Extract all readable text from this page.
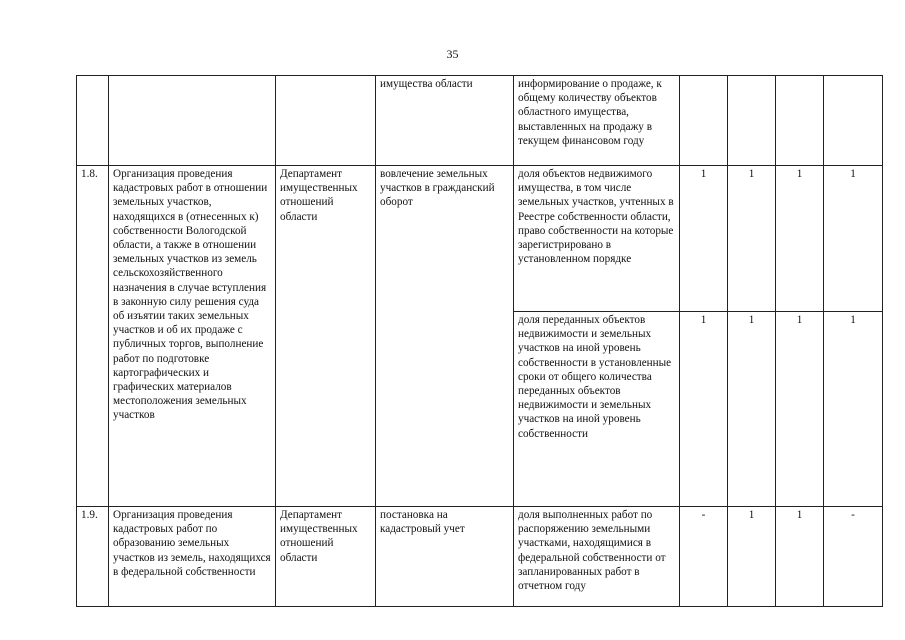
35
			имущества области	информирование о продаже, к общему количеству объектов областного имущества, выставленных на продажу в текущем финансовом году				
1.8.	Организация проведения кадастровых работ в отношении земельных участков, находящихся в (отнесенных к) собственности Вологодской области, а также в отношении земельных участков из земель сельскохозяйственного назначения в случае вступления в законную силу решения суда об изъятии таких земельных участков и об их продаже с публичных торгов, выполнение работ по подготовке картографических и графических материалов местоположения земельных участков	Департамент имущественных отношений области	вовлечение земельных участков в гражданский оборот	доля объектов недвижимого имущества, в том числе земельных участков, учтенных в Реестре собственности области, право собственности на которые зарегистрировано в установленном порядке	1	1	1	1
				доля переданных объектов недвижимости и земельных участков на иной уровень собственности в установленные сроки от общего количества переданных объектов недвижимости и земельных участков на иной уровень собственности	1	1	1	1
1.9.	Организация проведения кадастровых работ по образованию земельных участков из земель, находящихся в федеральной собственности	Департамент имущественных отношений области	постановка на кадастровый учет	доля выполненных работ по распоряжению земельными участками, находящимися в федеральной собственности от запланированных работ в отчетном году	-	1	1	-
